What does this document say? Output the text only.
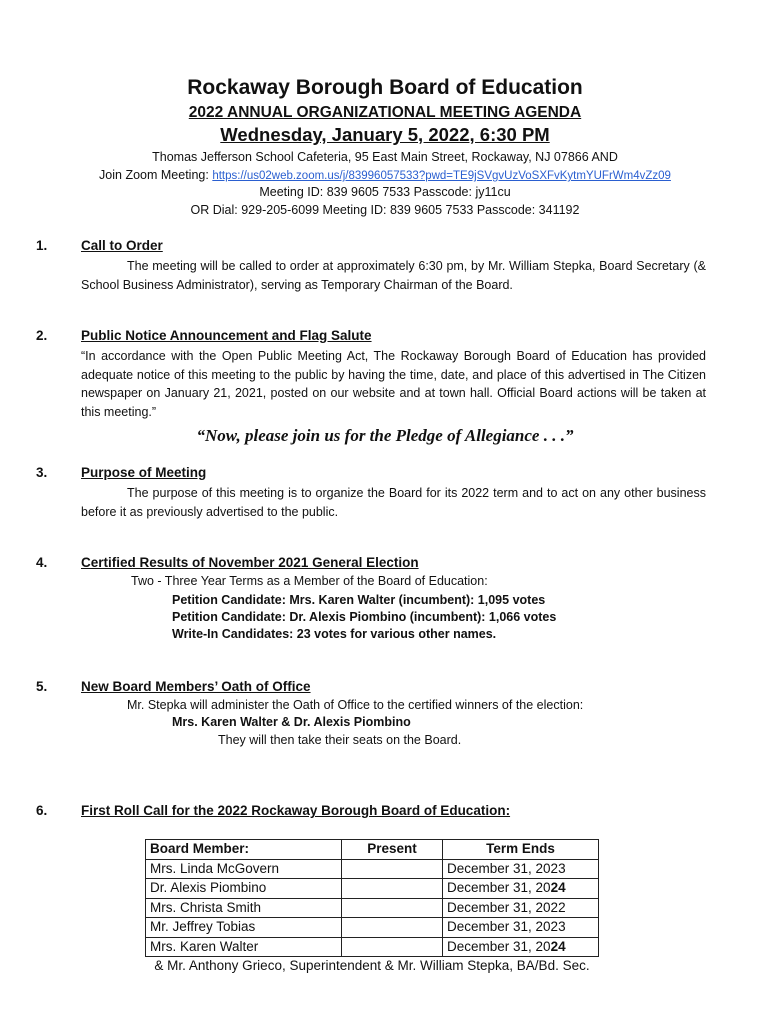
Rockaway Borough Board of Education
2022 ANNUAL ORGANIZATIONAL MEETING AGENDA
Wednesday, January 5, 2022, 6:30 PM
Thomas Jefferson School Cafeteria, 95 East Main Street, Rockaway, NJ 07866 AND
Join Zoom Meeting: https://us02web.zoom.us/j/83996057533?pwd=TE9jSVgvUzVoSXFvKytmYUFrWm4vZz09
Meeting ID: 839 9605 7533 Passcode: jy11cu
OR Dial: 929-205-6099 Meeting ID: 839 9605 7533 Passcode: 341192
1. Call to Order
The meeting will be called to order at approximately 6:30 pm, by Mr. William Stepka, Board Secretary (& School Business Administrator), serving as Temporary Chairman of the Board.
2. Public Notice Announcement and Flag Salute
“In accordance with the Open Public Meeting Act, The Rockaway Borough Board of Education has provided adequate notice of this meeting to the public by having the time, date, and place of this advertised in The Citizen newspaper on January 21, 2021, posted on our website and at town hall. Official Board actions will be taken at this meeting.”
“Now, please join us for the Pledge of Allegiance . . .”
3. Purpose of Meeting
The purpose of this meeting is to organize the Board for its 2022 term and to act on any other business before it as previously advertised to the public.
4. Certified Results of November 2021 General Election
Two - Three Year Terms as a Member of the Board of Education:
Petition Candidate: Mrs. Karen Walter (incumbent): 1,095 votes
Petition Candidate: Dr. Alexis Piombino (incumbent): 1,066 votes
Write-In Candidates: 23 votes for various other names.
5. New Board Members’ Oath of Office
Mr. Stepka will administer the Oath of Office to the certified winners of the election:
Mrs. Karen Walter & Dr. Alexis Piombino
They will then take their seats on the Board.
6. First Roll Call for the 2022 Rockaway Borough Board of Education:
Board Member:	Present	Term Ends
Mrs. Linda McGovern		December 31, 2023
Dr. Alexis Piombino		December 31, 2024
Mrs. Christa Smith		December 31, 2022
Mr. Jeffrey Tobias		December 31, 2023
Mrs. Karen Walter		December 31, 2024
& Mr. Anthony Grieco, Superintendent & Mr. William Stepka, BA/Bd. Sec.
